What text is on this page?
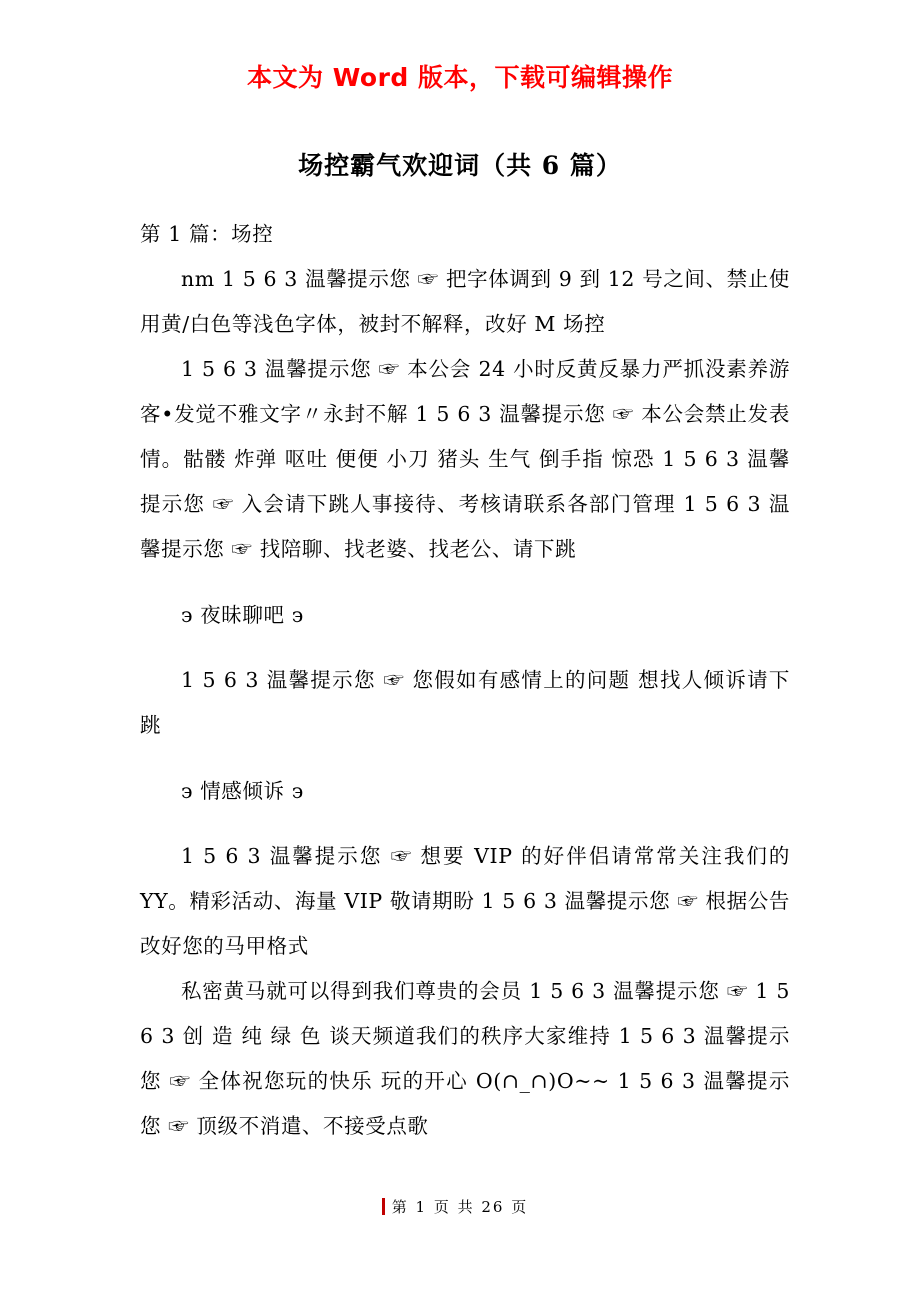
本文为 Word 版本，下载可编辑操作
场控霸气欢迎词（共 6 篇）

第 1 篇：场控

nm 1 5 6 3 温馨提示您 ☞ 把字体调到 9 到 12 号之间、禁止使用黄/白色等浅色字体，被封不解释，改好 M 场控

1 5 6 3 温馨提示您 ☞ 本公会 24 小时反黄反暴力严抓没素养游客•发觉不雅文字〃永封不解 1 5 6 3 温馨提示您 ☞ 本公会禁止发表情。骷髅 炸弹 呕吐 便便 小刀 猪头 生气 倒手指 惊恐 1 5 6 3 温馨提示您 ☞ 入会请下跳人事接待、考核请联系各部门管理 1 5 6 3 温馨提示您 ☞ 找陪聊、找老婆、找老公、请下跳

϶ 夜昧聊吧 ϶

1 5 6 3 温馨提示您 ☞ 您假如有感情上的问题 想找人倾诉请下跳

϶ 情感倾诉 ϶

1 5 6 3 温馨提示您 ☞ 想要 VIP 的好伴侣请常常关注我们的 YY。精彩活动、海量 VIP 敬请期盼 1 5 6 3 温馨提示您 ☞ 根据公告改好您的马甲格式

私密黄马就可以得到我们尊贵的会员 1 5 6 3 温馨提示您 ☞ 1 5 6 3 创 造 纯 绿 色 谈天频道我们的秩序大家维持 1 5 6 3 温馨提示您 ☞ 全体祝您玩的快乐 玩的开心 O(∩_∩)O~~ 1 5 6 3 温馨提示您 ☞ 顶级不消遣、不接受点歌

第 1 页 共 26 页
